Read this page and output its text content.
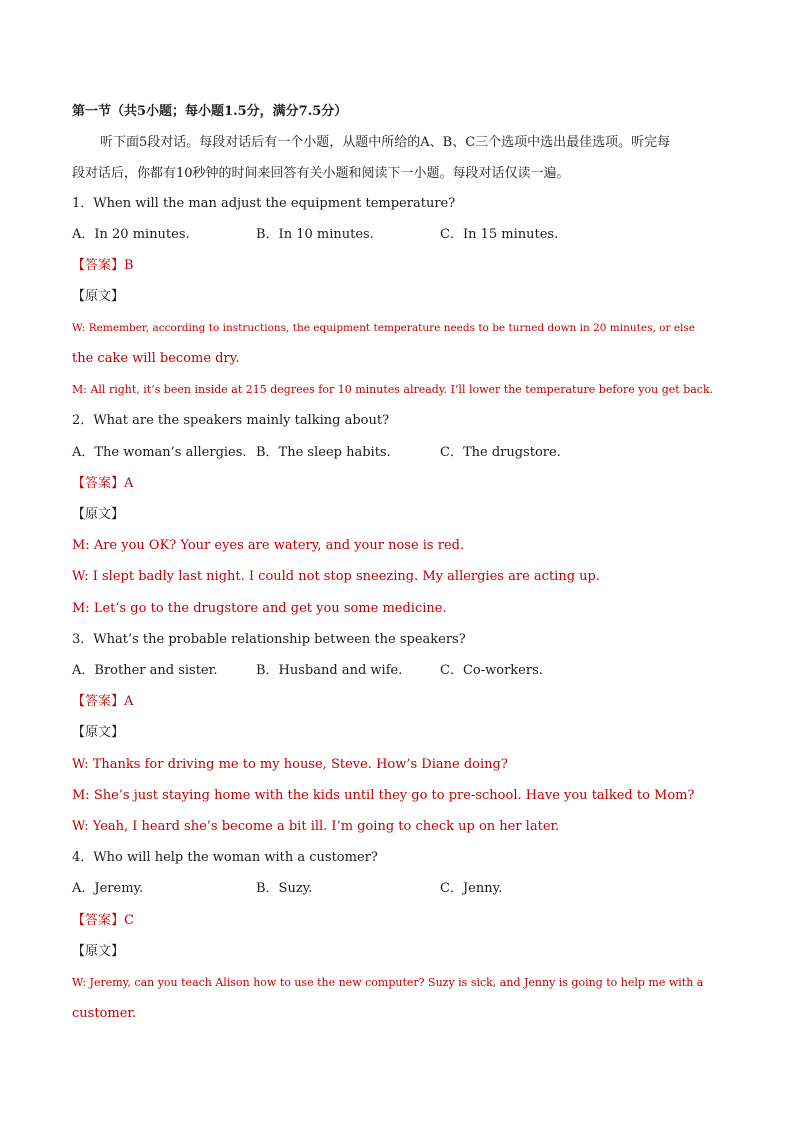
第一节（共5小题；每小题1.5分，满分7.5分）
听下面5段对话。每段对话后有一个小题，从题中所给的A、B、C三个选项中选出最佳选项。听完每
段对话后，你都有10秒钟的时间来回答有关小题和阅读下一小题。每段对话仅读一遍。
1．When will the man adjust the equipment temperature?
A．In 20 minutes.	B．In 10 minutes.	C．In 15 minutes.
【答案】B
【原文】
W: Remember, according to instructions, the equipment temperature needs to be turned down in 20 minutes, or else
the cake will become dry.
M: All right, it’s been inside at 215 degrees for 10 minutes already. I’ll lower the temperature before you get back.
2．What are the speakers mainly talking about?
A．The woman’s allergies. B．The sleep habits.	C．The drugstore.
【答案】A
【原文】
M: Are you OK? Your eyes are watery, and your nose is red.
W: I slept badly last night. I could not stop sneezing. My allergies are acting up.
M: Let’s go to the drugstore and get you some medicine.
3．What’s the probable relationship between the speakers?
A．Brother and sister.	B．Husband and wife.	C．Co-workers.
【答案】A
【原文】
W: Thanks for driving me to my house, Steve. How’s Diane doing?
M: She’s just staying home with the kids until they go to pre-school. Have you talked to Mom?
W: Yeah, I heard she’s become a bit ill. I’m going to check up on her later.
4．Who will help the woman with a customer?
A．Jeremy.	B．Suzy.	C．Jenny.
【答案】C
【原文】
W: Jeremy, can you teach Alison how to use the new computer? Suzy is sick, and Jenny is going to help me with a
customer.
